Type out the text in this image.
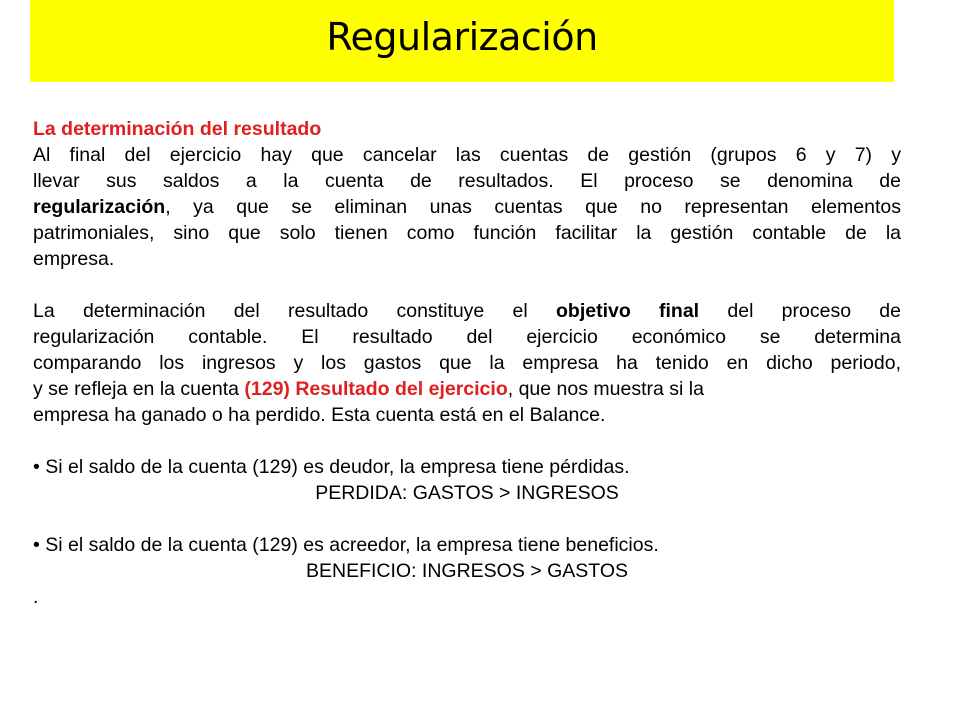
Regularización
La determinación del resultado
Al final del ejercicio hay que cancelar las cuentas de gestión (grupos 6 y 7) y
llevar sus saldos a la cuenta de resultados. El proceso se denomina de
regularización, ya que se eliminan unas cuentas que no representan elementos
patrimoniales, sino que solo tienen como función facilitar la gestión contable de la
empresa.
La determinación del resultado constituye el objetivo final del proceso de
regularización contable. El resultado del ejercicio económico se determina
comparando los ingresos y los gastos que la empresa ha tenido en dicho periodo,
y se refleja en la cuenta (129) Resultado del ejercicio, que nos muestra si la
empresa ha ganado o ha perdido. Esta cuenta está en el Balance.
• Si el saldo de la cuenta (129) es deudor, la empresa tiene pérdidas.
PERDIDA: GASTOS > INGRESOS
• Si el saldo de la cuenta (129) es acreedor, la empresa tiene beneficios.
BENEFICIO: INGRESOS > GASTOS
.
